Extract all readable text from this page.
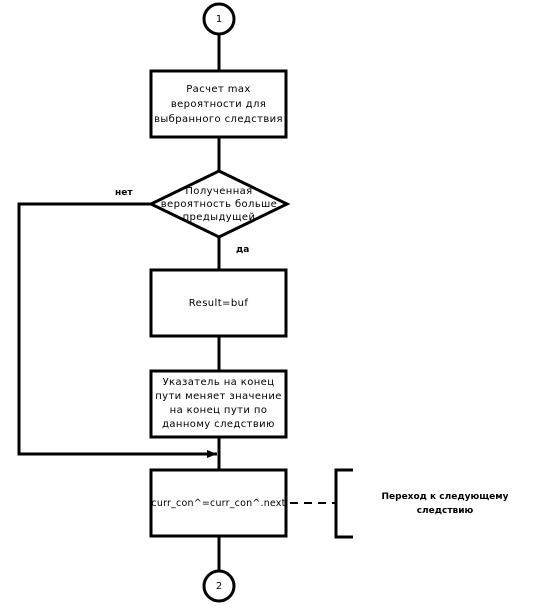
Расчет max
вероятности для
выбранного следствия
Полученная
вероятность больше
предыдущей
Result=buf
Указатель на конец
пути меняет значение
на конец пути по
данному следствию
curr_con^=curr_con^.next
1
2
нет
да
Переход к следующему
следствию
